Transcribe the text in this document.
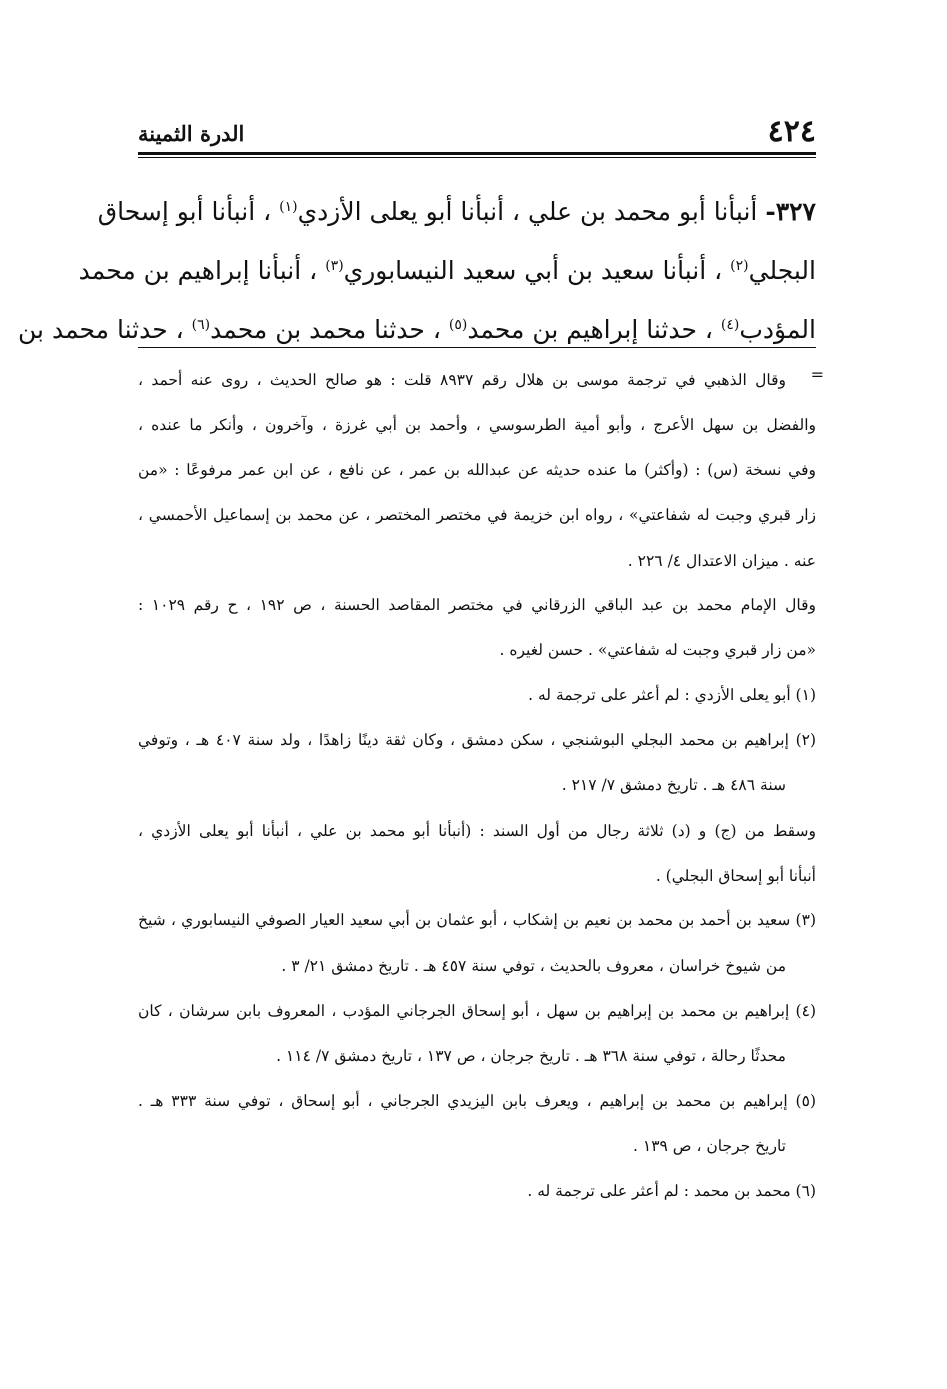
٤٢٤
الدرة الثمينة
٣٢٧- أنبأنا أبو محمد بن علي ، أنبأنا أبو يعلى الأزدي$^{(١)}$ ، أنبأنا أبو إسحاق
البجلي$^{(٢)}$ ، أنبأنا سعيد بن أبي سعيد النيسابوري$^{(٣)}$ ، أنبأنا إبراهيم بن محمد
المؤدب$^{(٤)}$ ، حدثنا إبراهيم بن محمد$^{(٥)}$ ، حدثنا محمد بن محمد$^{(٦)}$ ، حدثنا محمد بن
=
وقال الذهبي في ترجمة موسى بن هلال رقم ٨٩٣٧ قلت : هو صالح الحديث ، روى عنه أحمد ،
والفضل بن سهل الأعرج ، وأبو أمية الطرسوسي ، وأحمد بن أبي غرزة ، وآخرون ، وأنكر ما عنده ،
وفي نسخة (س) : (وأكثر) ما عنده حديثه عن عبدالله بن عمر ، عن نافع ، عن ابن عمر مرفوعًا : «من
زار قبري وجبت له شفاعتي» ، رواه ابن خزيمة في مختصر المختصر ، عن محمد بن إسماعيل الأحمسي ،
عنه . ميزان الاعتدال ٤/ ٢٢٦ .
وقال الإمام محمد بن عبد الباقي الزرقاني في مختصر المقاصد الحسنة ، ص ١٩٢ ، ح رقم ١٠٢٩ :
«من زار قبري وجبت له شفاعتي» . حسن لغيره .
(١) أبو يعلى الأزدي : لم أعثر على ترجمة له .
(٢) إبراهيم بن محمد البجلي البوشنجي ، سكن دمشق ، وكان ثقة دينًا زاهدًا ، ولد سنة ٤٠٧ هـ ، وتوفي
سنة ٤٨٦ هـ . تاريخ دمشق ٧/ ٢١٧ .
وسقط من (ج) و (د) ثلاثة رجال من أول السند : (أنبأنا أبو محمد بن علي ، أنبأنا أبو يعلى الأزدي ،
أنبأنا أبو إسحاق البجلي) .
(٣) سعيد بن أحمد بن محمد بن نعيم بن إشكاب ، أبو عثمان بن أبي سعيد العيار الصوفي النيسابوري ، شيخ
من شيوخ خراسان ، معروف بالحديث ، توفي سنة ٤٥٧ هـ . تاريخ دمشق ٢١/ ٣ .
(٤) إبراهيم بن محمد بن إبراهيم بن سهل ، أبو إسحاق الجرجاني المؤدب ، المعروف بابن سرشان ، كان
محدثًا رحالة ، توفي سنة ٣٦٨ هـ . تاريخ جرجان ، ص ١٣٧ ، تاريخ دمشق ٧/ ١١٤ .
(٥) إبراهيم بن محمد بن إبراهيم ، ويعرف بابن اليزيدي الجرجاني ، أبو إسحاق ، توفي سنة ٣٣٣ هـ .
تاريخ جرجان ، ص ١٣٩ .
(٦) محمد بن محمد : لم أعثر على ترجمة له .
